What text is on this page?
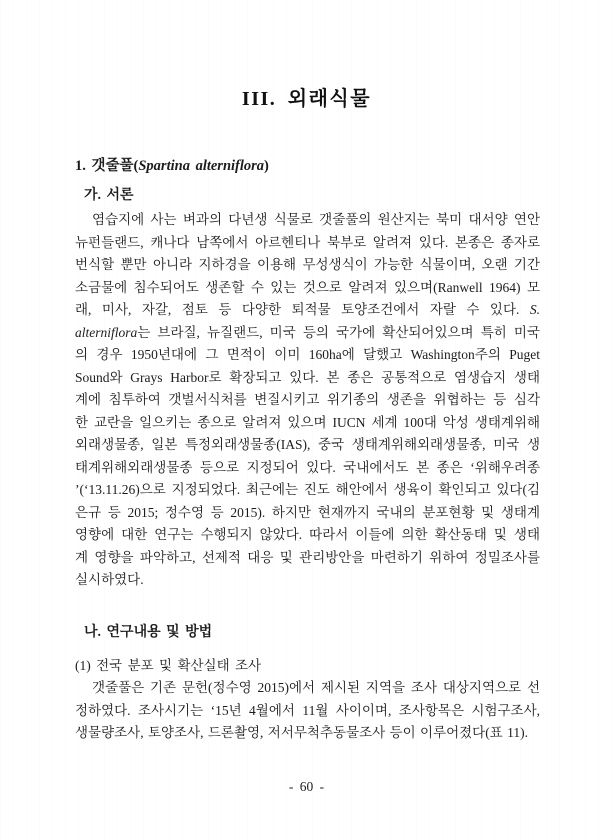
III. 외래식물
1. 갯줄풀(Spartina alterniflora)
가. 서론
염습지에 사는 벼과의 다년생 식물로 갯줄풀의 원산지는 북미 대서양 연안
뉴펀들랜드, 캐나다 남쪽에서 아르헨티나 북부로 알려져 있다. 본종은 종자로
번식할 뿐만 아니라 지하경을 이용해 무성생식이 가능한 식물이며, 오랜 기간
소금물에 침수되어도 생존할 수 있는 것으로 알려져 있으며(Ranwell 1964) 모
래, 미사, 자갈, 점토 등 다양한 퇴적물 토양조건에서 자랄 수 있다. S.
alterniflora는 브라질, 뉴질랜드, 미국 등의 국가에 확산되어있으며 특히 미국
의 경우 1950년대에 그 면적이 이미 160ha에 달했고 Washington주의 Puget
Sound와 Grays Harbor로 확장되고 있다. 본 종은 공통적으로 염생습지 생태
계에 침투하여 갯벌서식처를 변질시키고 위기종의 생존을 위협하는 등 심각
한 교란을 일으키는 종으로 알려져 있으며 IUCN 세계 100대 악성 생태계위해
외래생물종, 일본 특정외래생물종(IAS), 중국 생태계위해외래생물종, 미국 생
태계위해외래생물종 등으로 지정되어 있다. 국내에서도 본 종은 ‘위해우려종
’(‘13.11.26)으로 지정되었다. 최근에는 진도 해안에서 생육이 확인되고 있다(김
은규 등 2015; 정수영 등 2015). 하지만 현재까지 국내의 분포현황 및 생태계
영향에 대한 연구는 수행되지 않았다. 따라서 이들에 의한 확산동태 및 생태
계 영향을 파악하고, 선제적 대응 및 관리방안을 마련하기 위하여 정밀조사를
실시하였다.
나. 연구내용 및 방법
(1) 전국 분포 및 확산실태 조사
갯줄풀은 기존 문헌(정수영 2015)에서 제시된 지역을 조사 대상지역으로 선
정하였다. 조사시기는 ‘15년 4월에서 11월 사이이며, 조사항목은 시험구조사,
생물량조사, 토양조사, 드론촬영, 저서무척추동물조사 등이 이루어졌다(표 11).
- 60 -
